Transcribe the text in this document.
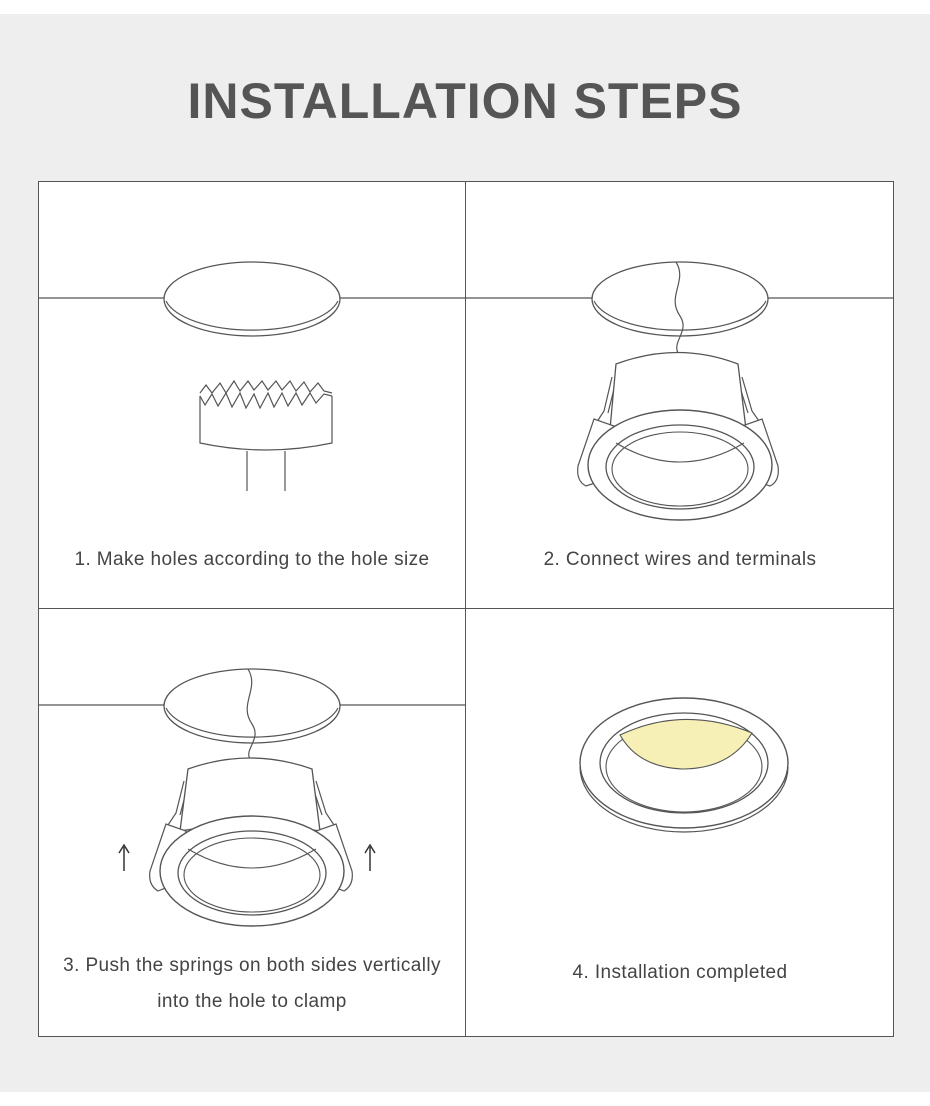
INSTALLATION STEPS

1. Make holes according to the hole size	2. Connect wires and terminals

3. Push the springs on both sides vertically

into the hole to clamp

4. Installation completed
